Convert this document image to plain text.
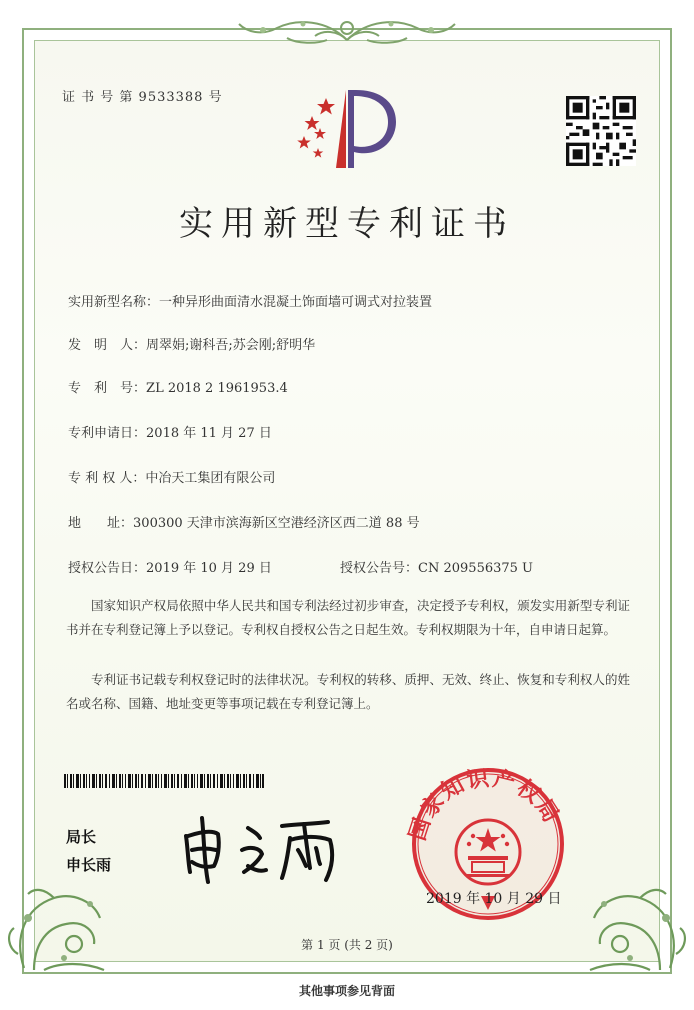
证 书 号 第 9533388 号
实用新型专利证书
实用新型名称：一种异形曲面清水混凝土饰面墙可调式对拉装置
发　明　人：周翠娟;谢科吾;苏会刚;舒明华
专　利　号：ZL 2018 2 1961953.4
专利申请日：2018 年 11 月 27 日
专 利 权 人：中冶天工集团有限公司
地　　址：300300 天津市滨海新区空港经济区西二道 88 号
授权公告日：2019 年 10 月 29 日	授权公告号：CN 209556375 U
国家知识产权局依照中华人民共和国专利法经过初步审查，决定授予专利权，颁发实用新型专利证书并在专利登记簿上予以登记。专利权自授权公告之日起生效。专利权期限为十年，自申请日起算。
专利证书记载专利权登记时的法律状况。专利权的转移、质押、无效、终止、恢复和专利权人的姓名或名称、国籍、地址变更等事项记载在专利登记簿上。
局长
申长雨
国家知识产权局
2019 年 10 月 29 日
第 1 页 (共 2 页)
其他事项参见背面
